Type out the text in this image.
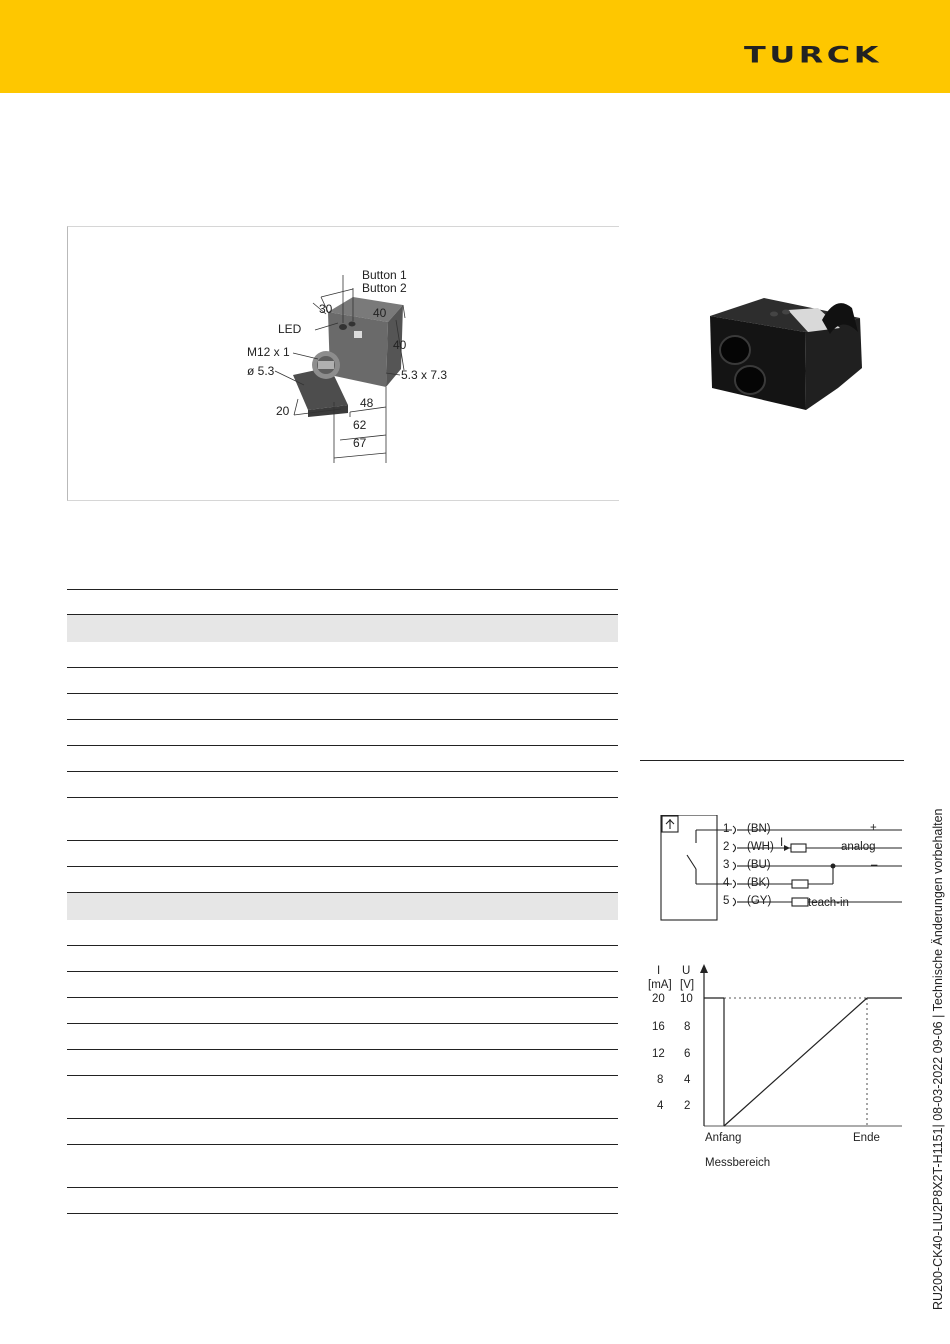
TURCK
Button 1
Button 2
30	40
LED
M12 x 1	40
ø 5.3	5.3 x 7.3
48
20
62
67
1 (BN)	+
2 (WH) I	analog
3 (BU)	–
4 (BK)
5 (GY)	teach-in
I
[mA]
U
[V]
20
16
12
8
4
10
8
6
4
2
Anfang	Ende
Messbereich	RU200-CK40-LIU2P8X2T-H1151| 08-03-2022 09-06 | Technische Änderungen vorbehalten
